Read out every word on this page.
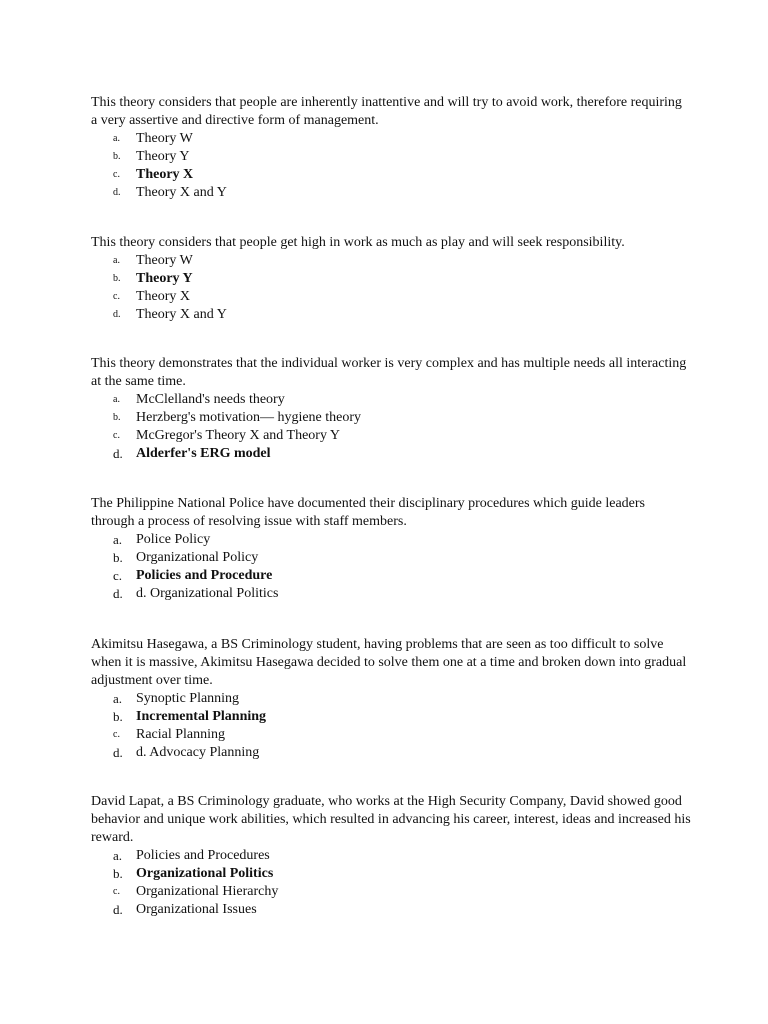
This theory considers that people are inherently inattentive and will try to avoid work, therefore requiring a very assertive and directive form of management.

a. Theory W
b. Theory Y
c. Theory X
d. Theory X and Y

This theory considers that people get high in work as much as play and will seek responsibility.

a. Theory W
b. Theory Y
c. Theory X
d. Theory X and Y

This theory demonstrates that the individual worker is very complex and has multiple needs all interacting at the same time.

a. McClelland's needs theory
b. Herzberg's motivation— hygiene theory
c. McGregor's Theory X and Theory Y
d. Alderfer's ERG model

The Philippine National Police have documented their disciplinary procedures which guide leaders through a process of resolving issue with staff members.

a. Police Policy
b. Organizational Policy
c. Policies and Procedure
d. d. Organizational Politics

Akimitsu Hasegawa, a BS Criminology student, having problems that are seen as too difficult to solve when it is massive, Akimitsu Hasegawa decided to solve them one at a time and broken down into gradual adjustment over time.

a. Synoptic Planning
b. Incremental Planning
c. Racial Planning
d. d. Advocacy Planning

David Lapat, a BS Criminology graduate, who works at the High Security Company, David showed good behavior and unique work abilities, which resulted in advancing his career, interest, ideas and increased his reward.

a. Policies and Procedures
b. Organizational Politics
c. Organizational Hierarchy
d. Organizational Issues
